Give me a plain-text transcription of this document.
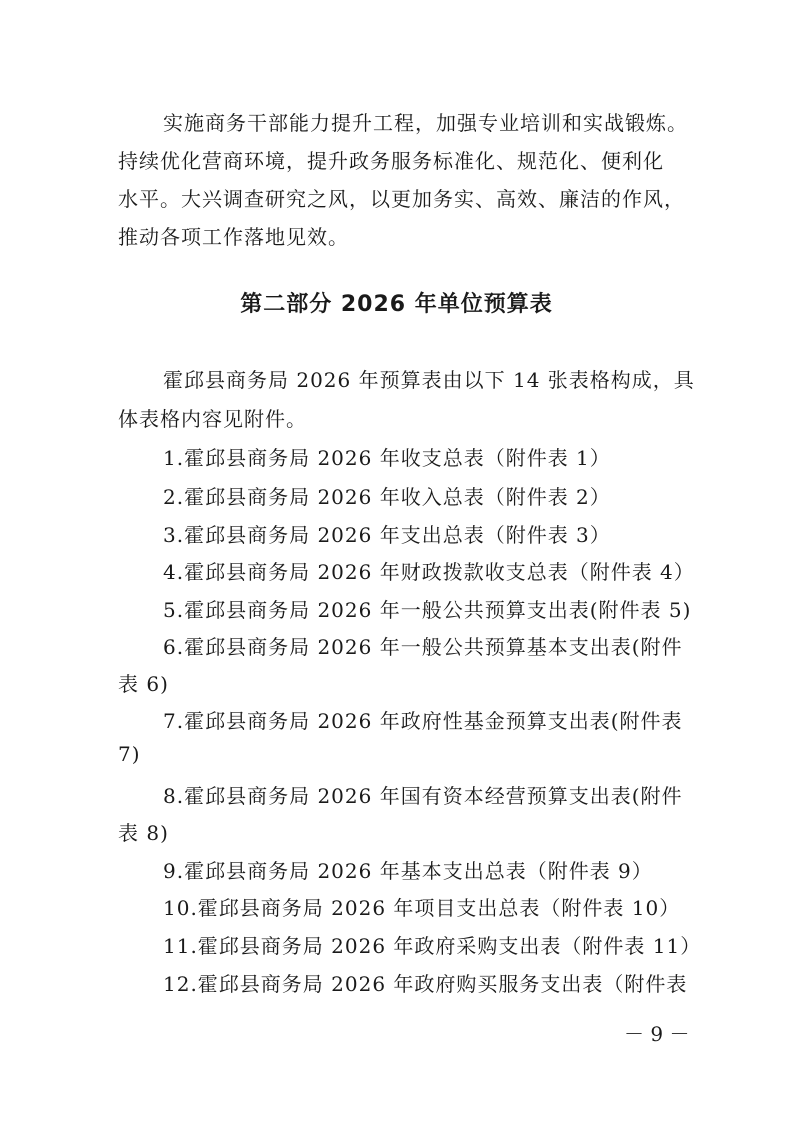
实施商务干部能力提升工程，加强专业培训和实战锻炼。
持续优化营商环境，提升政务服务标准化、规范化、便利化
水平。大兴调查研究之风，以更加务实、高效、廉洁的作风，
推动各项工作落地见效。
第二部分 2026 年单位预算表
霍邱县商务局 2026 年预算表由以下 14 张表格构成，具
体表格内容见附件。
1.霍邱县商务局 2026 年收支总表（附件表 1）
2.霍邱县商务局 2026 年收入总表（附件表 2）
3.霍邱县商务局 2026 年支出总表（附件表 3）
4.霍邱县商务局 2026 年财政拨款收支总表（附件表 4）
5.霍邱县商务局 2026 年一般公共预算支出表(附件表 5)
6.霍邱县商务局 2026 年一般公共预算基本支出表(附件
表 6)
7.霍邱县商务局 2026 年政府性基金预算支出表(附件表
7)
8.霍邱县商务局 2026 年国有资本经营预算支出表(附件
表 8)
9.霍邱县商务局 2026 年基本支出总表（附件表 9）
10.霍邱县商务局 2026 年项目支出总表（附件表 10）
11.霍邱县商务局 2026 年政府采购支出表（附件表 11）
12.霍邱县商务局 2026 年政府购买服务支出表（附件表
－ 9 －
